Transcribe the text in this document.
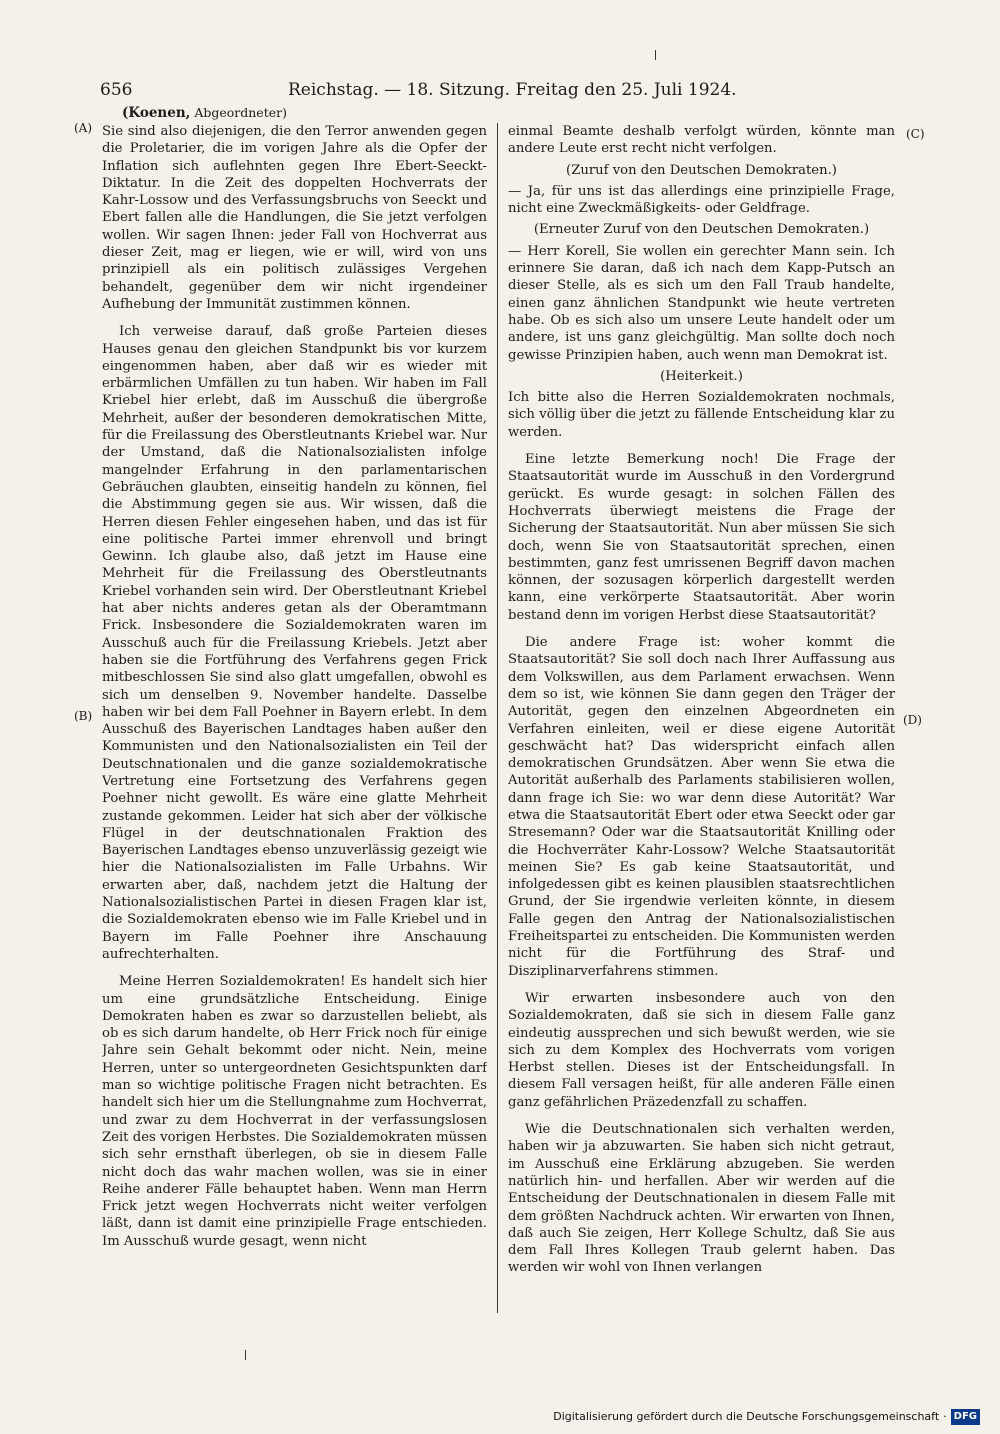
656	Reichstag. — 18. Sitzung. Freitag den 25. Juli 1924.
(Koenen, Abgeordneter)
(A)
(B)
(C)
(D)

Sie sind also diejenigen, die den Terror anwenden gegen die Proletarier, die im vorigen Jahre als die Opfer der Inflation sich auflehnten gegen Ihre Ebert-Seeckt-Diktatur. In die Zeit des doppelten Hochverrats der Kahr-Lossow und des Verfassungsbruchs von Seeckt und Ebert fallen alle die Handlungen, die Sie jetzt verfolgen wollen. Wir sagen Ihnen: jeder Fall von Hochverrat aus dieser Zeit, mag er liegen, wie er will, wird von uns prinzipiell als ein politisch zulässiges Vergehen behandelt, gegenüber dem wir nicht irgendeiner Aufhebung der Immunität zustimmen können.

Ich verweise darauf, daß große Parteien dieses Hauses genau den gleichen Standpunkt bis vor kurzem eingenommen haben, aber daß wir es wieder mit erbärmlichen Umfällen zu tun haben. Wir haben im Fall Kriebel hier erlebt, daß im Ausschuß die übergroße Mehrheit, außer der besonderen demokratischen Mitte, für die Freilassung des Oberstleutnants Kriebel war. Nur der Umstand, daß die Nationalsozialisten infolge mangelnder Erfahrung in den parlamentarischen Gebräuchen glaubten, einseitig handeln zu können, fiel die Abstimmung gegen sie aus. Wir wissen, daß die Herren diesen Fehler eingesehen haben, und das ist für eine politische Partei immer ehrenvoll und bringt Gewinn. Ich glaube also, daß jetzt im Hause eine Mehrheit für die Freilassung des Oberstleutnants Kriebel vorhanden sein wird. Der Oberstleutnant Kriebel hat aber nichts anderes getan als der Oberamtmann Frick. Insbesondere die Sozialdemokraten waren im Ausschuß auch für die Freilassung Kriebels. Jetzt aber haben sie die Fortführung des Verfahrens gegen Frick mitbeschlossen Sie sind also glatt umgefallen, obwohl es sich um denselben 9. November handelte. Dasselbe haben wir bei dem Fall Poehner in Bayern erlebt. In dem Ausschuß des Bayerischen Landtages haben außer den Kommunisten und den Nationalsozialisten ein Teil der Deutschnationalen und die ganze sozialdemokratische Vertretung eine Fortsetzung des Verfahrens gegen Poehner nicht gewollt. Es wäre eine glatte Mehrheit zustande gekommen. Leider hat sich aber der völkische Flügel in der deutschnationalen Fraktion des Bayerischen Landtages ebenso unzuverlässig gezeigt wie hier die Nationalsozialisten im Falle Urbahns. Wir erwarten aber, daß, nachdem jetzt die Haltung der Nationalsozialistischen Partei in diesen Fragen klar ist, die Sozialdemokraten ebenso wie im Falle Kriebel und in Bayern im Falle Poehner ihre Anschauung aufrechterhalten.

Meine Herren Sozialdemokraten! Es handelt sich hier um eine grundsätzliche Entscheidung. Einige Demokraten haben es zwar so darzustellen beliebt, als ob es sich darum handelte, ob Herr Frick noch für einige Jahre sein Gehalt bekommt oder nicht. Nein, meine Herren, unter so untergeordneten Gesichtspunkten darf man so wichtige politische Fragen nicht betrachten. Es handelt sich hier um die Stellungnahme zum Hochverrat, und zwar zu dem Hochverrat in der verfassungslosen Zeit des vorigen Herbstes. Die Sozialdemokraten müssen sich sehr ernsthaft überlegen, ob sie in diesem Falle nicht doch das wahr machen wollen, was sie in einer Reihe anderer Fälle behauptet haben. Wenn man Herrn Frick jetzt wegen Hochverrats nicht weiter verfolgen läßt, dann ist damit eine prinzipielle Frage entschieden. Im Ausschuß wurde gesagt, wenn nicht

einmal Beamte deshalb verfolgt würden, könnte man andere Leute erst recht nicht verfolgen.

(Zuruf von den Deutschen Demokraten.)

— Ja, für uns ist das allerdings eine prinzipielle Frage, nicht eine Zweckmäßigkeits- oder Geldfrage.

(Erneuter Zuruf von den Deutschen Demokraten.)

— Herr Korell, Sie wollen ein gerechter Mann sein. Ich erinnere Sie daran, daß ich nach dem Kapp-Putsch an dieser Stelle, als es sich um den Fall Traub handelte, einen ganz ähnlichen Standpunkt wie heute vertreten habe. Ob es sich also um unsere Leute handelt oder um andere, ist uns ganz gleichgültig. Man sollte doch noch gewisse Prinzipien haben, auch wenn man Demokrat ist.

(Heiterkeit.)

Ich bitte also die Herren Sozialdemokraten nochmals, sich völlig über die jetzt zu fällende Entscheidung klar zu werden.

Eine letzte Bemerkung noch! Die Frage der Staatsautorität wurde im Ausschuß in den Vordergrund gerückt. Es wurde gesagt: in solchen Fällen des Hochverrats überwiegt meistens die Frage der Sicherung der Staatsautorität. Nun aber müssen Sie sich doch, wenn Sie von Staatsautorität sprechen, einen bestimmten, ganz fest umrissenen Begriff davon machen können, der sozusagen körperlich dargestellt werden kann, eine verkörperte Staatsautorität. Aber worin bestand denn im vorigen Herbst diese Staatsautorität?

Die andere Frage ist: woher kommt die Staatsautorität? Sie soll doch nach Ihrer Auffassung aus dem Volkswillen, aus dem Parlament erwachsen. Wenn dem so ist, wie können Sie dann gegen den Träger der Autorität, gegen den einzelnen Abgeordneten ein Verfahren einleiten, weil er diese eigene Autorität geschwächt hat? Das widerspricht einfach allen demokratischen Grundsätzen. Aber wenn Sie etwa die Autorität außerhalb des Parlaments stabilisieren wollen, dann frage ich Sie: wo war denn diese Autorität? War etwa die Staatsautorität Ebert oder etwa Seeckt oder gar Stresemann? Oder war die Staatsautorität Knilling oder die Hochverräter Kahr-Lossow? Welche Staatsautorität meinen Sie? Es gab keine Staatsautorität, und infolgedessen gibt es keinen plausiblen staatsrechtlichen Grund, der Sie irgendwie verleiten könnte, in diesem Falle gegen den Antrag der Nationalsozialistischen Freiheitspartei zu entscheiden. Die Kommunisten werden nicht für die Fortführung des Straf- und Disziplinarverfahrens stimmen.

Wir erwarten insbesondere auch von den Sozialdemokraten, daß sie sich in diesem Falle ganz eindeutig aussprechen und sich bewußt werden, wie sie sich zu dem Komplex des Hochverrats vom vorigen Herbst stellen. Dieses ist der Entscheidungsfall. In diesem Fall versagen heißt, für alle anderen Fälle einen ganz gefährlichen Präzedenzfall zu schaffen.

Wie die Deutschnationalen sich verhalten werden, haben wir ja abzuwarten. Sie haben sich nicht getraut, im Ausschuß eine Erklärung abzugeben. Sie werden natürlich hin- und herfallen. Aber wir werden auf die Entscheidung der Deutschnationalen in diesem Falle mit dem größten Nachdruck achten. Wir erwarten von Ihnen, daß auch Sie zeigen, Herr Kollege Schultz, daß Sie aus dem Fall Ihres Kollegen Traub gelernt haben. Das werden wir wohl von Ihnen verlangen

Digitalisierung gefördert durch die Deutsche Forschungsgemeinschaft · DFG
